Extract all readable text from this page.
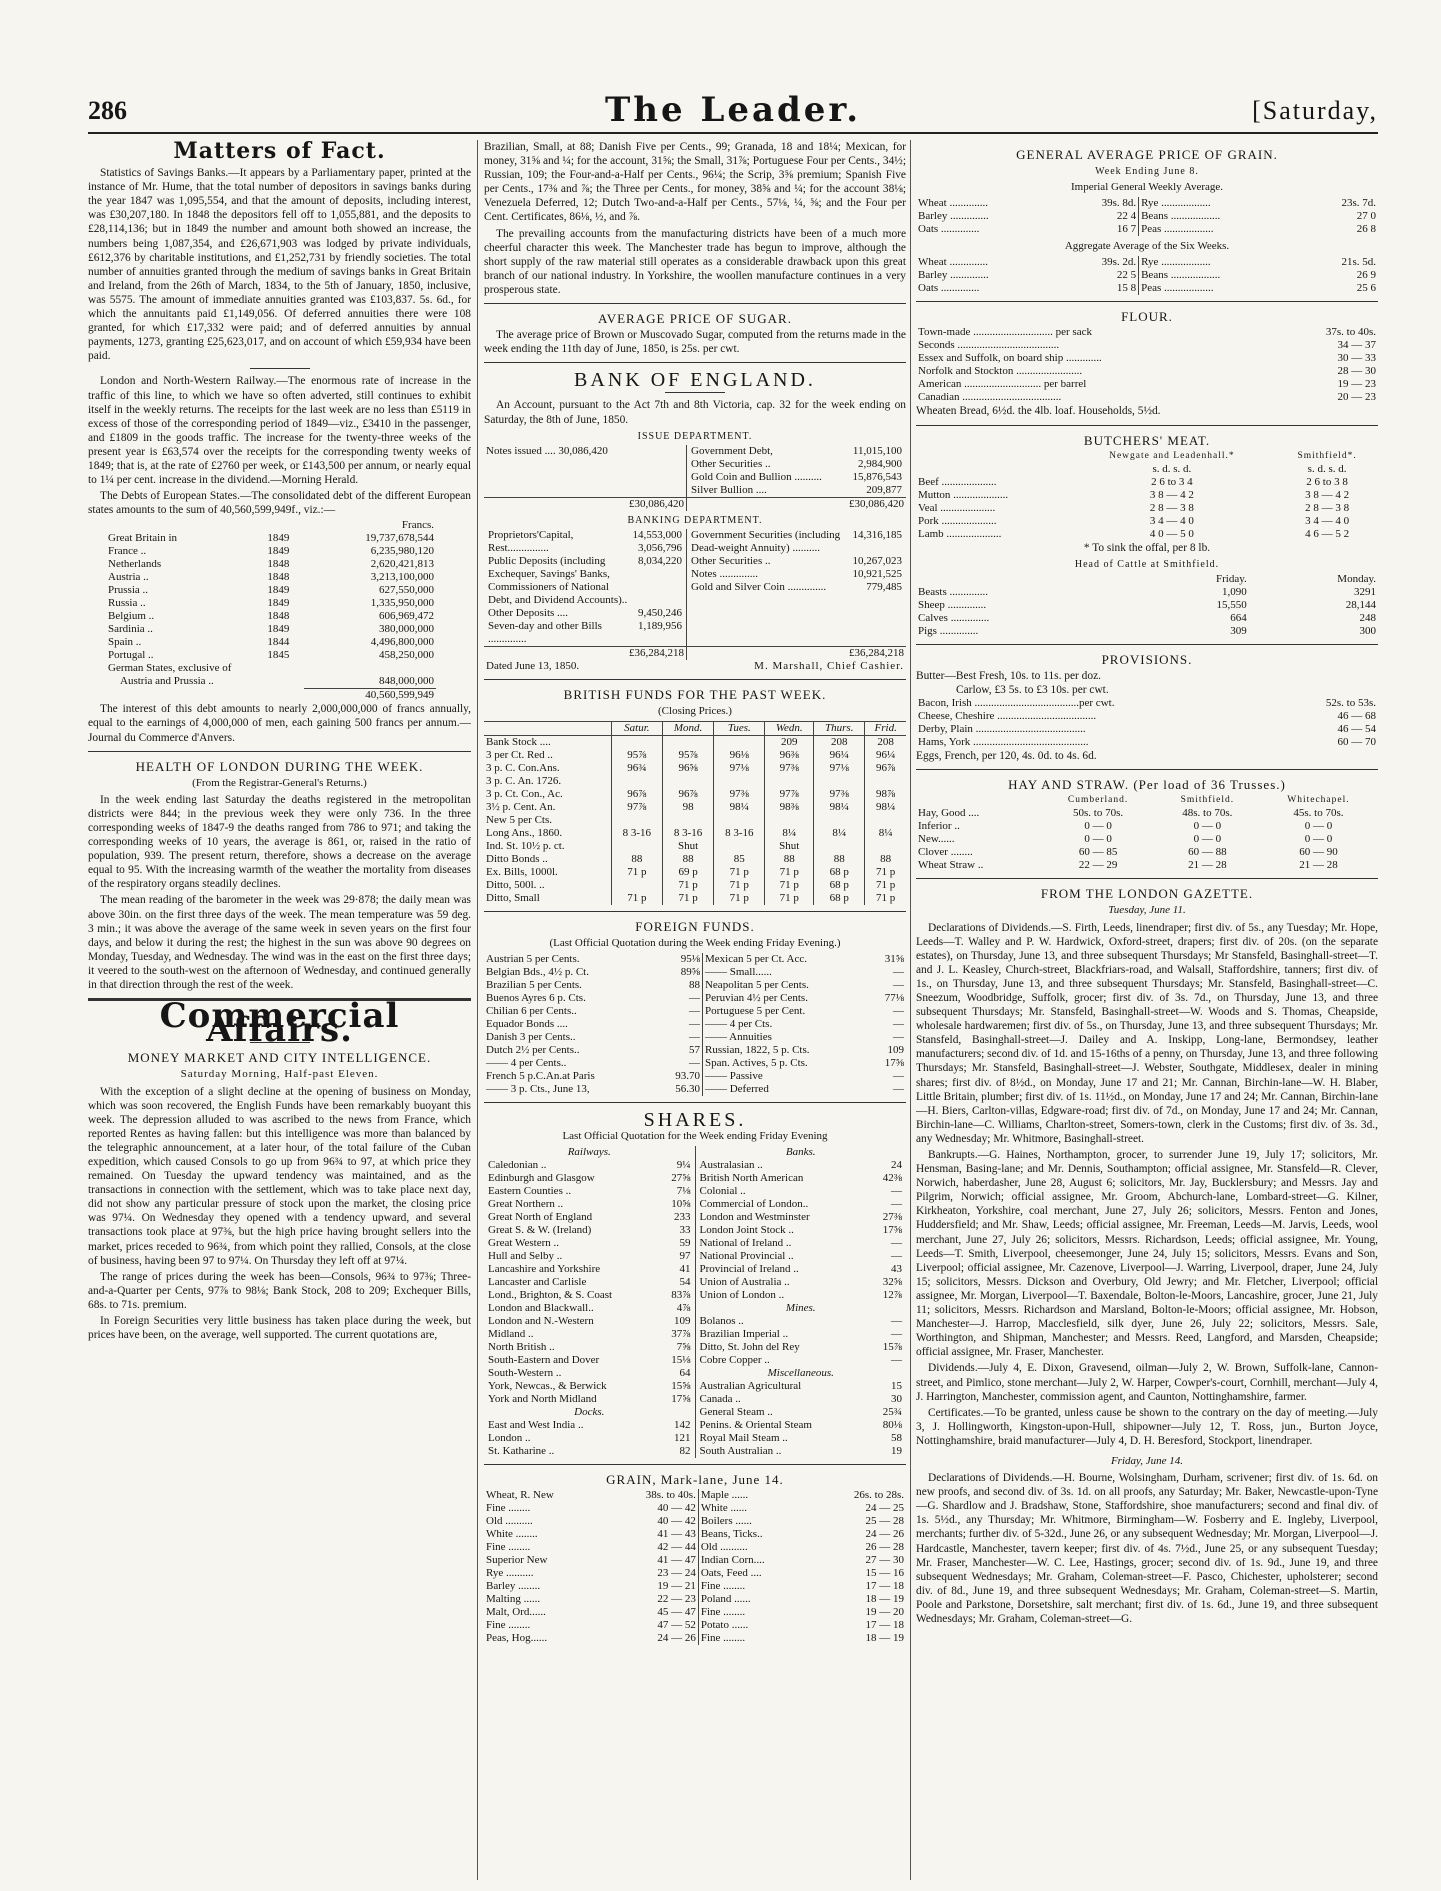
286	The Leader.	[Saturday,
Matters of Fact.

Statistics of Savings Banks.—It appears by a Parliamentary paper, printed at the instance of Mr. Hume, that the total number of depositors in savings banks during the year 1847 was 1,095,554, and that the amount of deposits, including interest, was £30,207,180. In 1848 the depositors fell off to 1,055,881, and the deposits to £28,114,136; but in 1849 the number and amount both showed an increase, the numbers being 1,087,354, and £26,671,903 was lodged by private individuals, £612,376 by charitable institutions, and £1,252,731 by friendly societies. The total number of annuities granted through the medium of savings banks in Great Britain and Ireland, from the 26th of March, 1834, to the 5th of January, 1850, inclusive, was 5575. The amount of immediate annuities granted was £103,837. 5s. 6d., for which the annuitants paid £1,149,056. Of deferred annuities there were 108 granted, for which £17,332 were paid; and of deferred annuities by annual payments, 1273, granting £25,623,017, and on account of which £59,934 have been paid.

London and North-Western Railway.—The enormous rate of increase in the traffic of this line, to which we have so often adverted, still continues to exhibit itself in the weekly returns. The receipts for the last week are no less than £5119 in excess of those of the corresponding period of 1849—viz., £3410 in the passenger, and £1809 in the goods traffic. The increase for the twenty-three weeks of the present year is £63,574 over the receipts for the corresponding twenty weeks of 1849; that is, at the rate of £2760 per week, or £143,500 per annum, or nearly equal to 1¼ per cent. increase in the dividend.—Morning Herald.

The Debts of European States.—The consolidated debt of the different European states amounts to the sum of 40,560,599,949f., viz.:—

		Francs.
Great Britain in	1849	19,737,678,544
France ..	1849	6,235,980,120
Netherlands	1848	2,620,421,813
Austria ..	1848	3,213,100,000
Prussia ..	1849	627,550,000
Russia ..	1849	1,335,950,000
Belgium ..	1848	606,969,472
Sardinia ..	1849	380,000,000
Spain ..	1844	4,496,800,000
Portugal ..	1845	458,250,000
German States, exclusive of		
Austria and Prussia ..		848,000,000
		40,560,599,949

The interest of this debt amounts to nearly 2,000,000,000 of francs annually, equal to the earnings of 4,000,000 of men, each gaining 500 francs per annum.—Journal du Commerce d'Anvers.

HEALTH OF LONDON DURING THE WEEK.
(From the Registrar-General's Returns.)

In the week ending last Saturday the deaths registered in the metropolitan districts were 844; in the previous week they were only 736. In the three corresponding weeks of 1847-9 the deaths ranged from 786 to 971; and taking the corresponding weeks of 10 years, the average is 861, or, raised in the ratio of population, 939. The present return, therefore, shows a decrease on the average equal to 95. With the increasing warmth of the weather the mortality from diseases of the respiratory organs steadily declines.

The mean reading of the barometer in the week was 29·878; the daily mean was above 30in. on the first three days of the week. The mean temperature was 59 deg. 3 min.; it was above the average of the same week in seven years on the first four days, and below it during the rest; the highest in the sun was above 90 degrees on Monday, Tuesday, and Wednesday. The wind was in the east on the first three days; it veered to the south-west on the afternoon of Wednesday, and continued generally in that direction through the rest of the week.

Commercial Affairs.
MONEY MARKET AND CITY INTELLIGENCE.
Saturday Morning, Half-past Eleven.

With the exception of a slight decline at the opening of business on Monday, which was soon recovered, the English Funds have been remarkably buoyant this week. The depression alluded to was ascribed to the news from France, which reported Rentes as having fallen: but this intelligence was more than balanced by the telegraphic announcement, at a later hour, of the total failure of the Cuban expedition, which caused Consols to go up from 96¾ to 97, at which price they remained. On Tuesday the upward tendency was maintained, and as the transactions in connection with the settlement, which was to take place next day, did not show any particular pressure of stock upon the market, the closing price was 97¼. On Wednesday they opened with a tendency upward, and several transactions took place at 97⅜, but the high price having brought sellers into the market, prices receded to 96¾, from which point they rallied, Consols, at the close of business, having been 97 to 97¼. On Thursday they left off at 97¼.

The range of prices during the week has been—Consols, 96¾ to 97⅜; Three-and-a-Quarter per Cents, 97⅞ to 98⅛; Bank Stock, 208 to 209; Exchequer Bills, 68s. to 71s. premium.

In Foreign Securities very little business has taken place during the week, but prices have been, on the average, well supported. The current quotations are,

Brazilian, Small, at 88; Danish Five per Cents., 99; Granada, 18 and 18¼; Mexican, for money, 31⅝ and ¼; for the account, 31⅝; the Small, 31⅞; Portuguese Four per Cents., 34½; Russian, 109; the Four-and-a-Half per Cents., 96¼; the Scrip, 3⅝ premium; Spanish Five per Cents., 17⅜ and ⅞; the Three per Cents., for money, 38⅝ and ¼; for the account 38⅛; Venezuela Deferred, 12; Dutch Two-and-a-Half per Cents., 57⅛, ¼, ⅝; and the Four per Cent. Certificates, 86⅛, ½, and ⅞.

The prevailing accounts from the manufacturing districts have been of a much more cheerful character this week. The Manchester trade has begun to improve, although the short supply of the raw material still operates as a considerable drawback upon this great branch of our national industry. In Yorkshire, the woollen manufacture continues in a very prosperous state.

AVERAGE PRICE OF SUGAR.

The average price of Brown or Muscovado Sugar, computed from the returns made in the week ending the 11th day of June, 1850, is 25s. per cwt.

BANK OF ENGLAND.

An Account, pursuant to the Act 7th and 8th Victoria, cap. 32 for the week ending on Saturday, the 8th of June, 1850.

ISSUE DEPARTMENT.
Notes issued .... 30,086,420		Government Debt,	11,015,100
Other Securities ..	2,984,900
Gold Coin and Bullion ..........	15,876,543
Silver Bullion ....	209,877

£30,086,420	£30,086,420
BANKING DEPARTMENT.
Proprietors'Capital,	14,553,000
Rest...............	3,056,796
Public Deposits (including Exchequer, Savings' Banks, Commissioners of National Debt, and Dividend Accounts)..	8,034,220
Other Deposits ....	9,450,246
Seven-day and other Bills ..............	1,189,956

Government Securities (including Dead-weight Annuity) ..........	14,316,185
Other Securities ..	10,267,023
Notes ..............	10,921,525
Gold and Silver Coin ..............	779,485

£36,284,218	£36,284,218
Dated June 13, 1850.	M. Marshall, Chief Cashier.
BRITISH FUNDS FOR THE PAST WEEK.
(Closing Prices.)
	Satur.	Mond.	Tues.	Wedn.	Thurs.	Frid.
Bank Stock ....				209	208	208
3 per Ct. Red ..	95⅞	95⅞	96⅛	96⅜	96¼	96¼
3 p. C. Con.Ans.	96¾	96⅝	97⅛	97⅜	97⅛	96⅞
3 p. C. An. 1726.						
3 p. Ct. Con., Ac.	96⅞	96⅞	97⅜	97⅞	97⅜	98⅞
3½ p. Cent. An.	97⅞	98	98¼	98⅜	98¼	98¼
New 5 per Cts.						
Long Ans., 1860.	8 3-16	8 3-16	8 3-16	8¼	8¼	8¼
Ind. St. 10½ p. ct.		Shut		Shut		
Ditto Bonds ..	88	88	85	88	88	88
Ex. Bills, 1000l.	71 p	69 p	71 p	71 p	68 p	71 p
Ditto, 500l. ..		71 p	71 p	71 p	68 p	71 p
Ditto, Small	71 p	71 p	71 p	71 p	68 p	71 p
FOREIGN FUNDS.
(Last Official Quotation during the Week ending Friday Evening.)
Austrian 5 per Cents.	95⅛	Mexican 5 per Ct. Acc.	31⅝
Belgian Bds., 4½ p. Ct.	89⅝	—— Small......	—
Brazilian 5 per Cents.	88	Neapolitan 5 per Cents.	—
Buenos Ayres 6 p. Cts.	—	Peruvian 4½ per Cents.	77⅛
Chilian 6 per Cents..	—	Portuguese 5 per Cent.	—
Equador Bonds ....	—	—— 4 per Cts.	—
Danish 3 per Cents..	—	—— Annuities	—
Dutch 2½ per Cents..	57	Russian, 1822, 5 p. Cts.	109
—— 4 per Cents..	—	Span. Actives, 5 p. Cts.	17⅝
French 5 p.C.An.at Paris	93.70	—— Passive	—
—— 3 p. Cts., June 13,	56.30	—— Deferred	—
SHARES.
Last Official Quotation for the Week ending Friday Evening
Railways.
Caledonian ..	9¼
Edinburgh and Glasgow	27⅝
Eastern Counties ..	7⅛
Great Northern ..	10⅝
Great North of England	233
Great S. & W. (Ireland)	33
Great Western ..	59
Hull and Selby ..	97
Lancashire and Yorkshire	41
Lancaster and Carlisle	54
Lond., Brighton, & S. Coast	83⅞
London and Blackwall..	4⅞
London and N.-Western	109
Midland ..	37⅞
North British ..	7⅝
South-Eastern and Dover	15⅛
South-Western ..	64
York, Newcas., & Berwick	15⅝
York and North Midland	17⅝
Docks.
East and West India ..	142
London ..	121
St. Katharine ..	82

Banks.
Australasian ..	24
British North American	42⅜
Colonial ..	—
Commercial of London..	—
London and Westminster	27⅜
London Joint Stock ..	17⅝
National of Ireland ..	—
National Provincial ..	—
Provincial of Ireland ..	43
Union of Australia ..	32⅝
Union of London ..	12⅞
Mines.
Bolanos ..	—
Brazilian Imperial ..	—
Ditto, St. John del Rey	15⅞
Cobre Copper ..	—
Miscellaneous.
Australian Agricultural	15
Canada ..	30
General Steam ..	25¾
Penins. & Oriental Steam	80⅛
Royal Mail Steam ..	58
South Australian ..	19
GRAIN, Mark-lane, June 14.
Wheat, R. New	38s. to 40s.	Maple ......	26s. to 28s.
Fine ........	40 — 42	White ......	24 — 25
Old ..........	40 — 42	Boilers ......	25 — 28
White ........	41 — 43	Beans, Ticks..	24 — 26
Fine ........	42 — 44	Old ..........	26 — 28
Superior New	41 — 47	Indian Corn....	27 — 30
Rye ..........	23 — 24	Oats, Feed ....	15 — 16
Barley ........	19 — 21	Fine ........	17 — 18
Malting ......	22 — 23	Poland ......	18 — 19
Malt, Ord......	45 — 47	Fine ........	19 — 20
Fine ........	47 — 52	Potato ......	17 — 18
Peas, Hog......	24 — 26	Fine ........	18 — 19
GENERAL AVERAGE PRICE OF GRAIN.
Week Ending June 8.
Imperial General Weekly Average.
Wheat ..............	39s. 8d.	Rye ..................	23s. 7d.
Barley ..............	22 4	Beans ..................	27 0
Oats ..............	16 7	Peas ..................	26 8
Aggregate Average of the Six Weeks.
Wheat ..............	39s. 2d.	Rye ..................	21s. 5d.
Barley ..............	22 5	Beans ..................	26 9
Oats ..............	15 8	Peas ..................	25 6
FLOUR.
Town-made ............................. per sack	37s. to 40s.
Seconds .....................................	34 — 37
Essex and Suffolk, on board ship .............	30 — 33
Norfolk and Stockton ........................	28 — 30
American ............................ per barrel	19 — 23
Canadian ....................................	20 — 23
Wheaten Bread, 6½d. the 4lb. loaf. Households, 5½d.
BUTCHERS' MEAT.
	Newgate and Leadenhall.*	Smithfield*.
	s. d. s. d.	s. d. s. d.
Beef ....................	2 6 to 3 4	2 6 to 3 8
Mutton ....................	3 8 — 4 2	3 8 — 4 2
Veal ....................	2 8 — 3 8	2 8 — 3 8
Pork ....................	3 4 — 4 0	3 4 — 4 0
Lamb ....................	4 0 — 5 0	4 6 — 5 2
* To sink the offal, per 8 lb.
Head of Cattle at Smithfield.
	Friday.	Monday.
Beasts ..............	1,090	3291
Sheep ..............	15,550	28,144
Calves ..............	664	248
Pigs ..............	309	300
PROVISIONS.
Butter—Best Fresh, 10s. to 11s. per doz.
Carlow, £3 5s. to £3 10s. per cwt.
Bacon, Irish ......................................per cwt.	52s. to 53s.
Cheese, Cheshire ....................................	46 — 68
Derby, Plain ........................................	46 — 54
Hams, York ..........................................	60 — 70
Eggs, French, per 120, 4s. 0d. to 4s. 6d.
HAY AND STRAW. (Per load of 36 Trusses.)
	Cumberland.	Smithfield.	Whitechapel.
Hay, Good ....	50s. to 70s.	48s. to 70s.	45s. to 70s.
Inferior ..	0 — 0	0 — 0	0 — 0
New......	0 — 0	0 — 0	0 — 0
Clover ........	60 — 85	60 — 88	60 — 90
Wheat Straw ..	22 — 29	21 — 28	21 — 28
FROM THE LONDON GAZETTE.
Tuesday, June 11.

Declarations of Dividends.—S. Firth, Leeds, linendraper; first div. of 5s., any Tuesday; Mr. Hope, Leeds—T. Walley and P. W. Hardwick, Oxford-street, drapers; first div. of 20s. (on the separate estates), on Thursday, June 13, and three subsequent Thursdays; Mr Stansfeld, Basinghall-street—T. and J. L. Keasley, Church-street, Blackfriars-road, and Walsall, Staffordshire, tanners; first div. of 1s., on Thursday, June 13, and three subsequent Thursdays; Mr. Stansfeld, Basinghall-street—C. Sneezum, Woodbridge, Suffolk, grocer; first div. of 3s. 7d., on Thursday, June 13, and three subsequent Thursdays; Mr. Stansfeld, Basinghall-street—W. Woods and S. Thomas, Cheapside, wholesale hardwaremen; first div. of 5s., on Thursday, June 13, and three subsequent Thursdays; Mr. Stansfeld, Basinghall-street—J. Dailey and A. Inskipp, Long-lane, Bermondsey, leather manufacturers; second div. of 1d. and 15-16ths of a penny, on Thursday, June 13, and three following Thursdays; Mr. Stansfeld, Basinghall-street—J. Webster, Southgate, Middlesex, dealer in mining shares; first div. of 8½d., on Monday, June 17 and 21; Mr. Cannan, Birchin-lane—W. H. Blaber, Little Britain, plumber; first div. of 1s. 11½d., on Monday, June 17 and 24; Mr. Cannan, Birchin-lane—H. Biers, Carlton-villas, Edgware-road; first div. of 7d., on Monday, June 17 and 24; Mr. Cannan, Birchin-lane—C. Williams, Charlton-street, Somers-town, clerk in the Customs; first div. of 3s. 3d., any Wednesday; Mr. Whitmore, Basinghall-street.

Bankrupts.—G. Haines, Northampton, grocer, to surrender June 19, July 17; solicitors, Mr. Hensman, Basing-lane; and Mr. Dennis, Southampton; official assignee, Mr. Stansfeld—R. Clever, Norwich, haberdasher, June 28, August 6; solicitors, Mr. Jay, Bucklersbury; and Messrs. Jay and Pilgrim, Norwich; official assignee, Mr. Groom, Abchurch-lane, Lombard-street—G. Kilner, Kirkheaton, Yorkshire, coal merchant, June 27, July 26; solicitors, Messrs. Fenton and Jones, Huddersfield; and Mr. Shaw, Leeds; official assignee, Mr. Freeman, Leeds—M. Jarvis, Leeds, wool merchant, June 27, July 26; solicitors, Messrs. Richardson, Leeds; official assignee, Mr. Young, Leeds—T. Smith, Liverpool, cheesemonger, June 24, July 15; solicitors, Messrs. Evans and Son, Liverpool; official assignee, Mr. Cazenove, Liverpool—J. Warring, Liverpool, draper, June 24, July 15; solicitors, Messrs. Dickson and Overbury, Old Jewry; and Mr. Fletcher, Liverpool; official assignee, Mr. Morgan, Liverpool—T. Baxendale, Bolton-le-Moors, Lancashire, grocer, June 21, July 11; solicitors, Messrs. Richardson and Marsland, Bolton-le-Moors; official assignee, Mr. Hobson, Manchester—J. Harrop, Macclesfield, silk dyer, June 26, July 22; solicitors, Messrs. Sale, Worthington, and Shipman, Manchester; and Messrs. Reed, Langford, and Marsden, Cheapside; official assignee, Mr. Fraser, Manchester.

Dividends.—July 4, E. Dixon, Gravesend, oilman—July 2, W. Brown, Suffolk-lane, Cannon-street, and Pimlico, stone merchant—July 2, W. Harper, Cowper's-court, Cornhill, merchant—July 4, J. Harrington, Manchester, commission agent, and Caunton, Nottinghamshire, farmer.

Certificates.—To be granted, unless cause be shown to the contrary on the day of meeting.—July 3, J. Hollingworth, Kingston-upon-Hull, shipowner—July 12, T. Ross, jun., Burton Joyce, Nottinghamshire, braid manufacturer—July 4, D. H. Beresford, Stockport, linendraper.

Friday, June 14.

Declarations of Dividends.—H. Bourne, Wolsingham, Durham, scrivener; first div. of 1s. 6d. on new proofs, and second div. of 3s. 1d. on all proofs, any Saturday; Mr. Baker, Newcastle-upon-Tyne—G. Shardlow and J. Bradshaw, Stone, Staffordshire, shoe manufacturers; second and final div. of 1s. 5½d., any Thursday; Mr. Whitmore, Birmingham—W. Fosberry and E. Ingleby, Liverpool, merchants; further div. of 5-32d., June 26, or any subsequent Wednesday; Mr. Morgan, Liverpool—J. Hardcastle, Manchester, tavern keeper; first div. of 4s. 7½d., June 25, or any subsequent Tuesday; Mr. Fraser, Manchester—W. C. Lee, Hastings, grocer; second div. of 1s. 9d., June 19, and three subsequent Wednesdays; Mr. Graham, Coleman-street—F. Pasco, Chichester, upholsterer; second div. of 8d., June 19, and three subsequent Wednesdays; Mr. Graham, Coleman-street—S. Martin, Poole and Parkstone, Dorsetshire, salt merchant; first div. of 1s. 6d., June 19, and three subsequent Wednesdays; Mr. Graham, Coleman-street—G.
